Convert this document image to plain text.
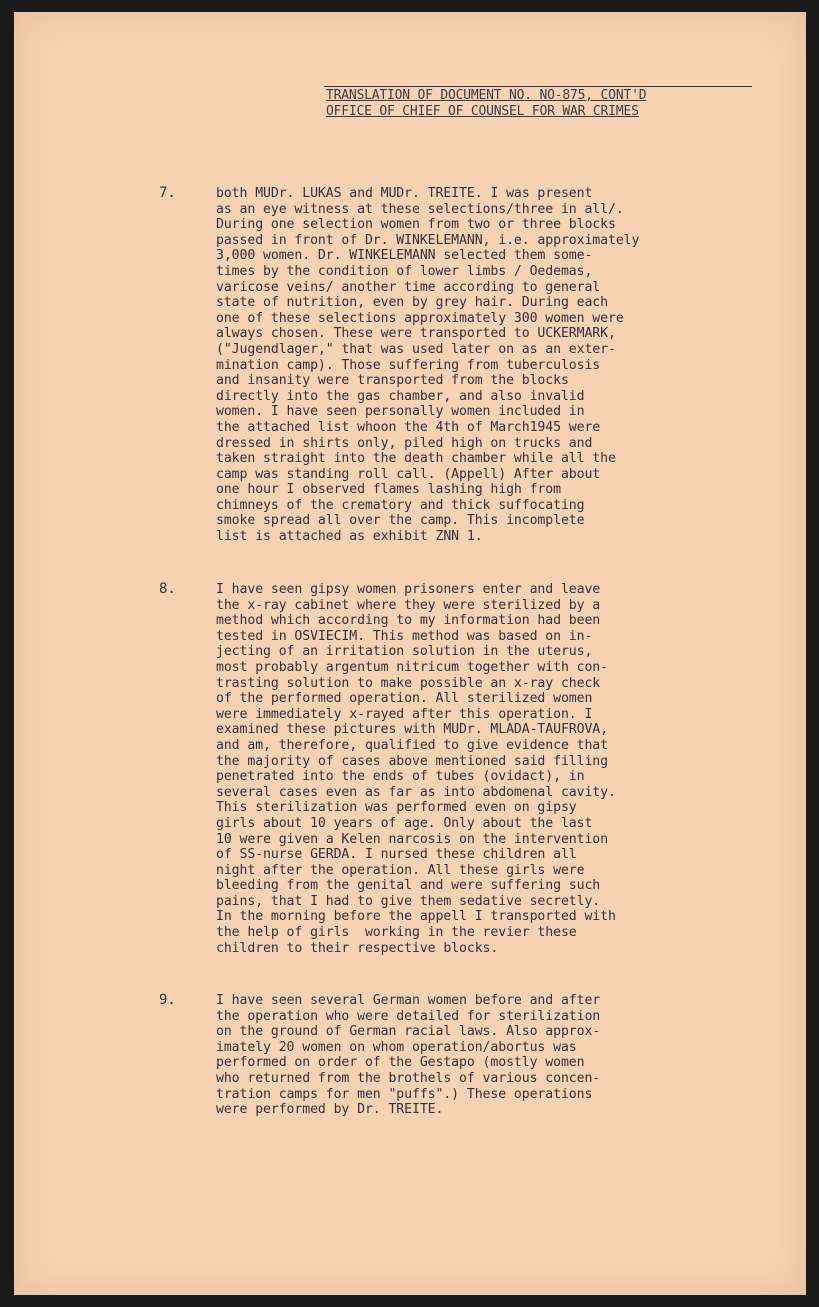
TRANSLATION OF DOCUMENT NO. NO-875, CONT'D
OFFICE OF CHIEF OF COUNSEL FOR WAR CRIMES
7.	both MUDr. LUKAS and MUDr. TREITE. I was present
as an eye witness at these selections/three in all/.
During one selection women from two or three blocks
passed in front of Dr. WINKELEMANN, i.e. approximately
3,000 women. Dr. WINKELEMANN selected them some-
times by the condition of lower limbs / Oedemas,
varicose veins/ another time according to general
state of nutrition, even by grey hair. During each
one of these selections approximately 300 women were
always chosen. These were transported to UCKERMARK,
("Jugendlager," that was used later on as an exter-
mination camp). Those suffering from tuberculosis
and insanity were transported from the blocks
directly into the gas chamber, and also invalid
women. I have seen personally women included in
the attached list whoon the 4th of March1945 were
dressed in shirts only, piled high on trucks and
taken straight into the death chamber while all the
camp was standing roll call. (Appell) After about
one hour I observed flames lashing high from
chimneys of the crematory and thick suffocating
smoke spread all over the camp. This incomplete
list is attached as exhibit ZNN 1.
8.	I have seen gipsy women prisoners enter and leave
the x-ray cabinet where they were sterilized by a
method which according to my information had been
tested in OSVIECIM. This method was based on in-
jecting of an irritation solution in the uterus,
most probably argentum nitricum together with con-
trasting solution to make possible an x-ray check
of the performed operation. All sterilized women
were immediately x-rayed after this operation. I
examined these pictures with MUDr. MLADA-TAUFROVA,
and am, therefore, qualified to give evidence that
the majority of cases above mentioned said filling
penetrated into the ends of tubes (ovidact), in
several cases even as far as into abdomenal cavity.
This sterilization was performed even on gipsy
girls about 10 years of age. Only about the last
10 were given a Kelen narcosis on the intervention
of SS-nurse GERDA. I nursed these children all
night after the operation. All these girls were
bleeding from the genital and were suffering such
pains, that I had to give them sedative secretly.
In the morning before the appell I transported with
the help of girls  working in the revier these
children to their respective blocks.
9.	I have seen several German women before and after
the operation who were detailed for sterilization
on the ground of German racial laws. Also approx-
imately 20 women on whom operation/abortus was
performed on order of the Gestapo (mostly women
who returned from the brothels of various concen-
tration camps for men "puffs".) These operations
were performed by Dr. TREITE.
